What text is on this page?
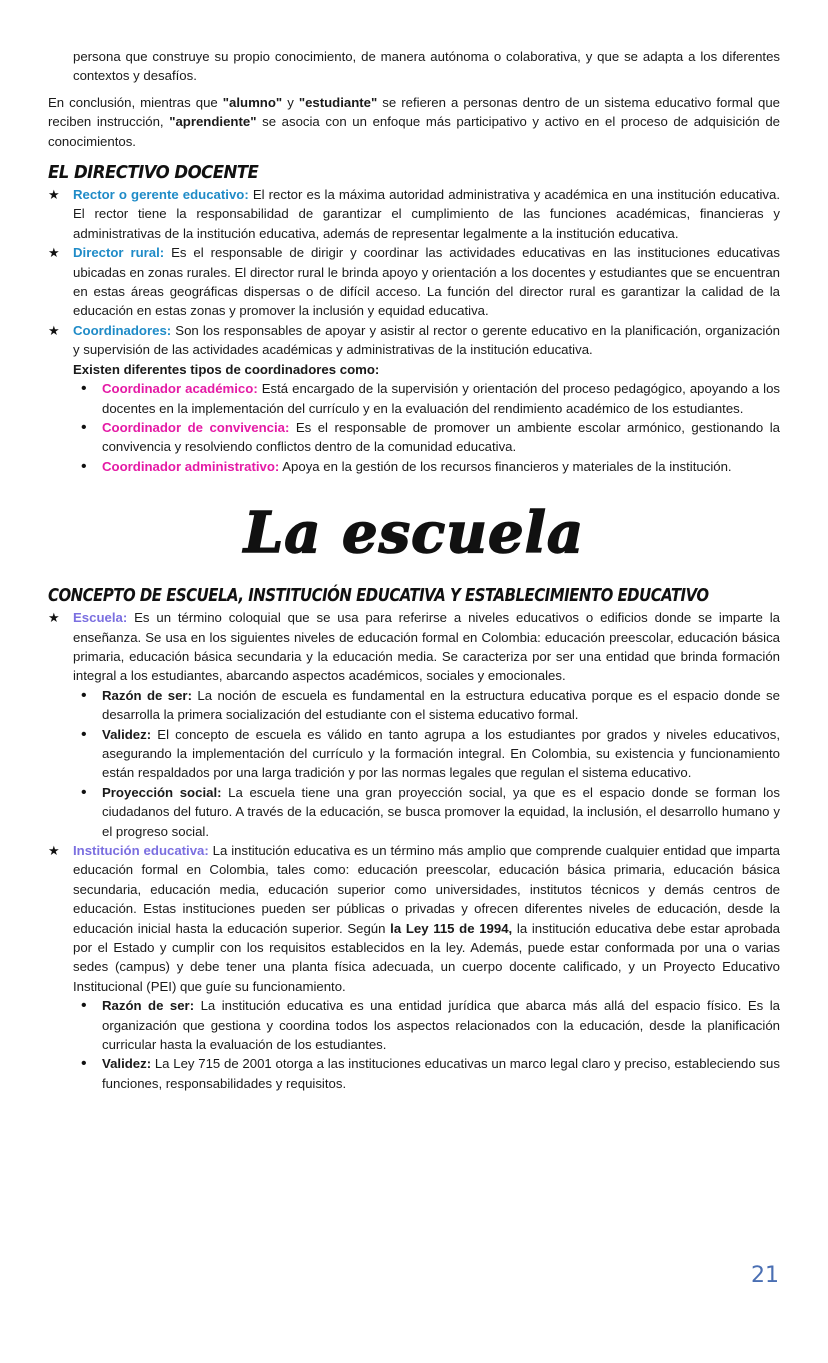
persona que construye su propio conocimiento, de manera autónoma o colaborativa, y que se adapta a los diferentes contextos y desafíos.

En conclusión, mientras que "alumno" y "estudiante" se refieren a personas dentro de un sistema educativo formal que reciben instrucción, "aprendiente" se asocia con un enfoque más participativo y activo en el proceso de adquisición de conocimientos.

EL DIRECTIVO DOCENTE
★ Rector o gerente educativo: El rector es la máxima autoridad administrativa y académica en una institución educativa. El rector tiene la responsabilidad de garantizar el cumplimiento de las funciones académicas, financieras y administrativas de la institución educativa, además de representar legalmente a la institución educativa.
★ Director rural: Es el responsable de dirigir y coordinar las actividades educativas en las instituciones educativas ubicadas en zonas rurales. El director rural le brinda apoyo y orientación a los docentes y estudiantes que se encuentran en estas áreas geográficas dispersas o de difícil acceso. La función del director rural es garantizar la calidad de la educación en estas zonas y promover la inclusión y equidad educativa.
★ Coordinadores: Son los responsables de apoyar y asistir al rector o gerente educativo en la planificación, organización y supervisión de las actividades académicas y administrativas de la institución educativa.
Existen diferentes tipos de coordinadores como:
• Coordinador académico: Está encargado de la supervisión y orientación del proceso pedagógico, apoyando a los docentes en la implementación del currículo y en la evaluación del rendimiento académico de los estudiantes.
• Coordinador de convivencia: Es el responsable de promover un ambiente escolar armónico, gestionando la convivencia y resolviendo conflictos dentro de la comunidad educativa.
• Coordinador administrativo: Apoya en la gestión de los recursos financieros y materiales de la institución.
La escuela
CONCEPTO DE ESCUELA, INSTITUCIÓN EDUCATIVA Y ESTABLECIMIENTO EDUCATIVO
★ Escuela: Es un término coloquial que se usa para referirse a niveles educativos o edificios donde se imparte la enseñanza. Se usa en los siguientes niveles de educación formal en Colombia: educación preescolar, educación básica primaria, educación básica secundaria y la educación media. Se caracteriza por ser una entidad que brinda formación integral a los estudiantes, abarcando aspectos académicos, sociales y emocionales.
• Razón de ser: La noción de escuela es fundamental en la estructura educativa porque es el espacio donde se desarrolla la primera socialización del estudiante con el sistema educativo formal.
• Validez: El concepto de escuela es válido en tanto agrupa a los estudiantes por grados y niveles educativos, asegurando la implementación del currículo y la formación integral. En Colombia, su existencia y funcionamiento están respaldados por una larga tradición y por las normas legales que regulan el sistema educativo.
• Proyección social: La escuela tiene una gran proyección social, ya que es el espacio donde se forman los ciudadanos del futuro. A través de la educación, se busca promover la equidad, la inclusión, el desarrollo humano y el progreso social.
★ Institución educativa: La institución educativa es un término más amplio que comprende cualquier entidad que imparta educación formal en Colombia, tales como: educación preescolar, educación básica primaria, educación básica secundaria, educación media, educación superior como universidades, institutos técnicos y demás centros de educación. Estas instituciones pueden ser públicas o privadas y ofrecen diferentes niveles de educación, desde la educación inicial hasta la educación superior. Según la Ley 115 de 1994, la institución educativa debe estar aprobada por el Estado y cumplir con los requisitos establecidos en la ley. Además, puede estar conformada por una o varias sedes (campus) y debe tener una planta física adecuada, un cuerpo docente calificado, y un Proyecto Educativo Institucional (PEI) que guíe su funcionamiento.
• Razón de ser: La institución educativa es una entidad jurídica que abarca más allá del espacio físico. Es la organización que gestiona y coordina todos los aspectos relacionados con la educación, desde la planificación curricular hasta la evaluación de los estudiantes.
• Validez: La Ley 715 de 2001 otorga a las instituciones educativas un marco legal claro y preciso, estableciendo sus funciones, responsabilidades y requisitos.
21
